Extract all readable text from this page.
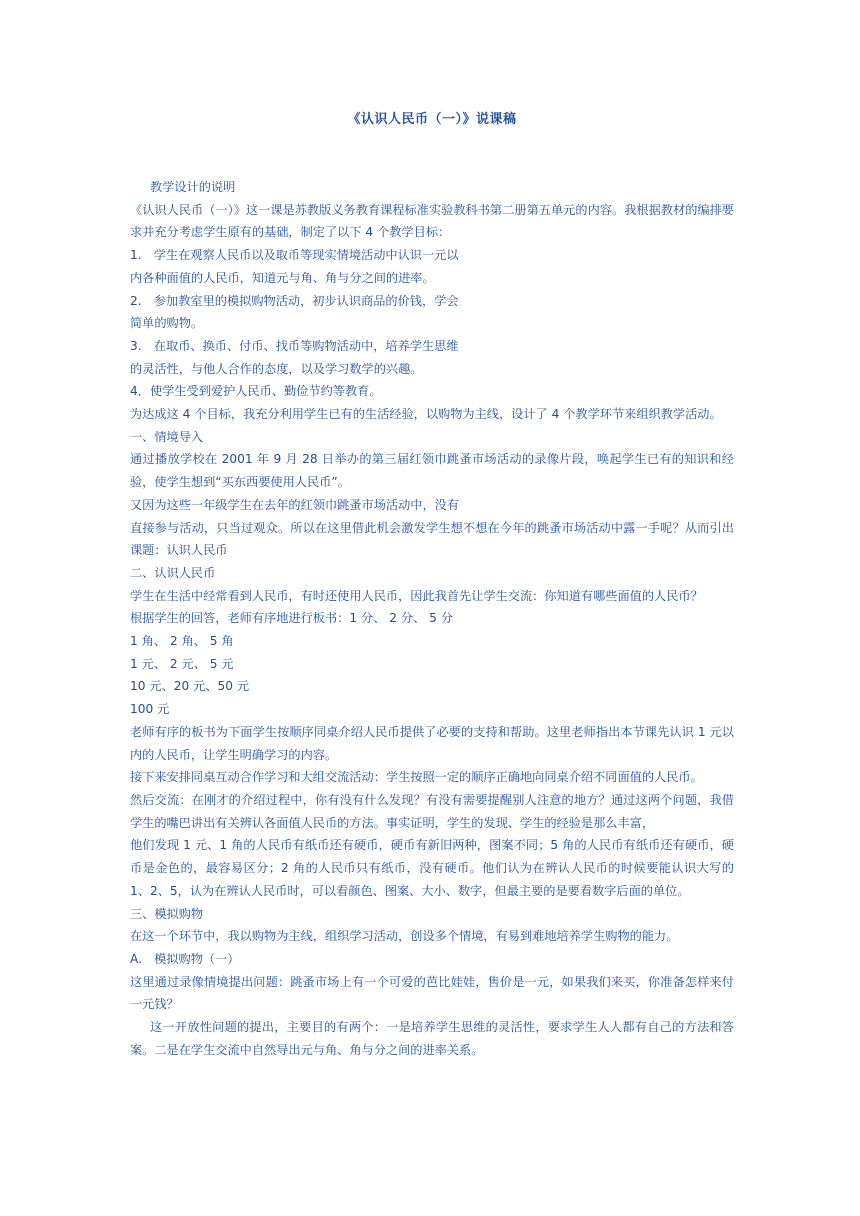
《认识人民币（一）》说课稿

教学设计的说明

《认识人民币（一）》这一课是苏教版义务教育课程标准实验教科书第二册第五单元的内容。我根据教材的编排要求并充分考虑学生原有的基础，制定了以下 4 个教学目标：

1.　学生在观察人民币以及取币等现实情境活动中认识一元以

内各种面值的人民币，知道元与角、角与分之间的进率。

2.　参加教室里的模拟购物活动，初步认识商品的价钱，学会

简单的购物。

3.　在取币、换币、付币、找币等购物活动中，培养学生思维

的灵活性，与他人合作的态度，以及学习数学的兴趣。

4．使学生受到爱护人民币、勤俭节约等教育。

为达成这 4 个目标，我充分利用学生已有的生活经验，以购物为主线，设计了 4 个教学环节来组织教学活动。

一、情境导入

通过播放学校在 2001 年 9 月 28 日举办的第三届红领巾跳蚤市场活动的录像片段，唤起学生已有的知识和经验，使学生想到“买东西要使用人民币”。

又因为这些一年级学生在去年的红领巾跳蚤市场活动中，没有

直接参与活动，只当过观众。所以在这里借此机会激发学生想不想在今年的跳蚤市场活动中露一手呢？从而引出课题：认识人民币

二、认识人民币

学生在生活中经常看到人民币，有时还使用人民币，因此我首先让学生交流：你知道有哪些面值的人民币？

根据学生的回答，老师有序地进行板书：1 分、 2 分、 5 分

1 角、 2 角、 5 角

1 元、 2 元、 5 元

10 元、20 元、50 元

100 元

老师有序的板书为下面学生按顺序同桌介绍人民币提供了必要的支持和帮助。这里老师指出本节课先认识 1 元以内的人民币，让学生明确学习的内容。

接下来安排同桌互动合作学习和大组交流活动：学生按照一定的顺序正确地向同桌介绍不同面值的人民币。

然后交流：在刚才的介绍过程中，你有没有什么发现？有没有需要提醒别人注意的地方？通过这两个问题，我借学生的嘴巴讲出有关辨认各面值人民币的方法。事实证明，学生的发现、学生的经验是那么丰富，

他们发现 1 元、1 角的人民币有纸币还有硬币，硬币有新旧两种，图案不同；5 角的人民币有纸币还有硬币，硬币是金色的，最容易区分；2 角的人民币只有纸币，没有硬币。他们认为在辨认人民币的时候要能认识大写的 1、2、5，认为在辨认人民币时，可以看颜色、图案、大小、数字，但最主要的是要看数字后面的单位。

三、模拟购物

在这一个环节中，我以购物为主线，组织学习活动，创设多个情境，有易到难地培养学生购物的能力。

A.　模拟购物（一）

这里通过录像情境提出问题：跳蚤市场上有一个可爱的芭比娃娃，售价是一元，如果我们来买，你准备怎样来付一元钱？

这一开放性问题的提出，主要目的有两个：一是培养学生思维的灵活性，要求学生人人都有自己的方法和答案。二是在学生交流中自然导出元与角、角与分之间的进率关系。
